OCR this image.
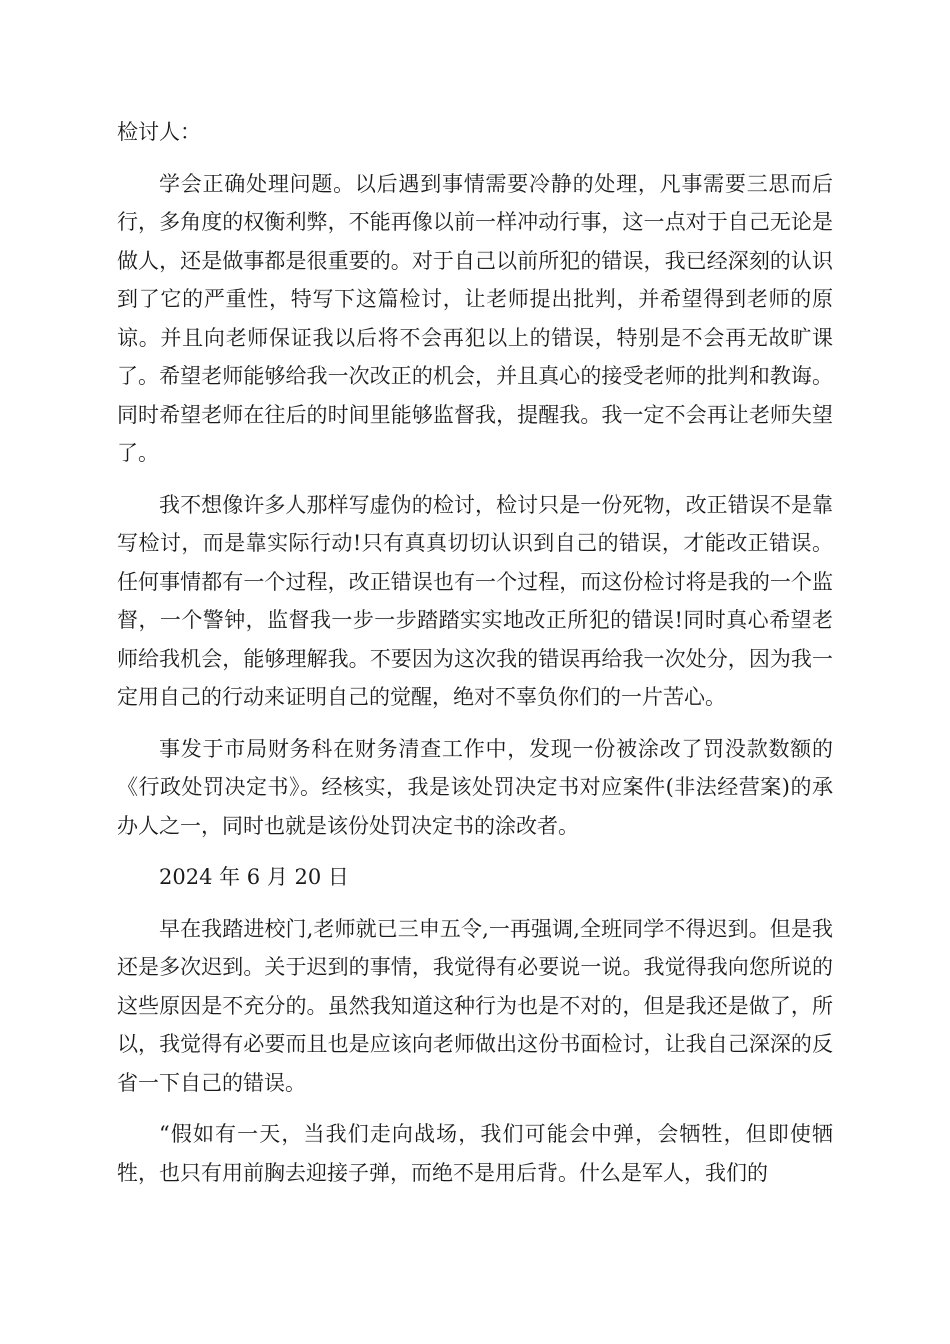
检讨人：

学会正确处理问题。以后遇到事情需要冷静的处理，凡事需要三思而后行，多角度的权衡利弊，不能再像以前一样冲动行事，这一点对于自己无论是做人，还是做事都是很重要的。对于自己以前所犯的错误，我已经深刻的认识到了它的严重性，特写下这篇检讨，让老师提出批判，并希望得到老师的原谅。并且向老师保证我以后将不会再犯以上的错误，特别是不会再无故旷课了。希望老师能够给我一次改正的机会，并且真心的接受老师的批判和教诲。同时希望老师在往后的时间里能够监督我，提醒我。我一定不会再让老师失望了。

我不想像许多人那样写虚伪的检讨，检讨只是一份死物，改正错误不是靠写检讨，而是靠实际行动!只有真真切切认识到自己的错误，才能改正错误。任何事情都有一个过程，改正错误也有一个过程，而这份检讨将是我的一个监督，一个警钟，监督我一步一步踏踏实实地改正所犯的错误!同时真心希望老师给我机会，能够理解我。不要因为这次我的错误再给我一次处分，因为我一定用自己的行动来证明自己的觉醒，绝对不辜负你们的一片苦心。

事发于市局财务科在财务清查工作中，发现一份被涂改了罚没款数额的《行政处罚决定书》。经核实，我是该处罚决定书对应案件(非法经营案)的承办人之一，同时也就是该份处罚决定书的涂改者。

2024 年 6 月 20 日

早在我踏进校门,老师就已三申五令,一再强调,全班同学不得迟到。但是我还是多次迟到。关于迟到的事情，我觉得有必要说一说。我觉得我向您所说的这些原因是不充分的。虽然我知道这种行为也是不对的，但是我还是做了，所以，我觉得有必要而且也是应该向老师做出这份书面检讨，让我自己深深的反省一下自己的错误。

“假如有一天，当我们走向战场，我们可能会中弹，会牺牲，但即使牺牲，也只有用前胸去迎接子弹，而绝不是用后背。什么是军人，我们的
